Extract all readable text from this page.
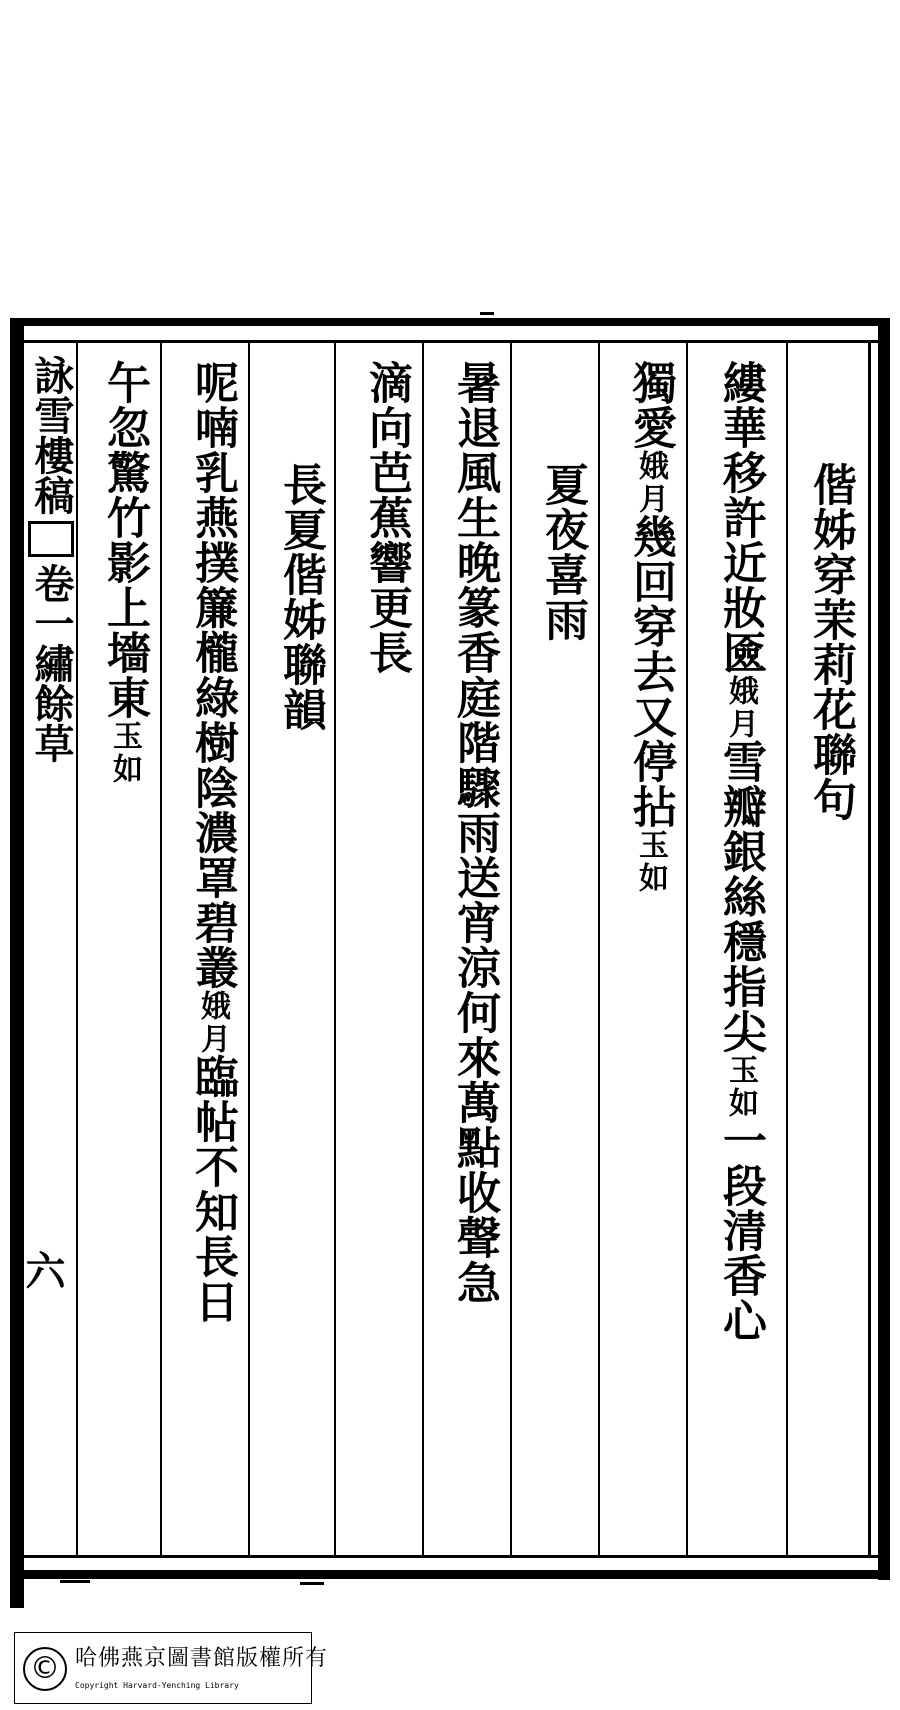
偕姊穿茉莉花聯句
縷華移許近妝匳
月
娥
雪瓣銀絲穩指尖
如
玉
一段清香心
獨愛
月
娥
幾回穿去又停拈
如
玉
夏夜喜雨
暑退風生晚篆香庭階驟雨送宵涼何來萬點收聲急
滴向芭蕉響更長
長夏偕姊聯韻
呢喃乳燕撲簾櫳綠樹陰濃罩碧叢
月
娥
臨帖不知長日
午忽驚竹影上墻東
如
玉
詠雪樓稿卷一繡餘草
六
© 哈佛燕京圖書館版權所有
Copyright Harvard-Yenching Library
